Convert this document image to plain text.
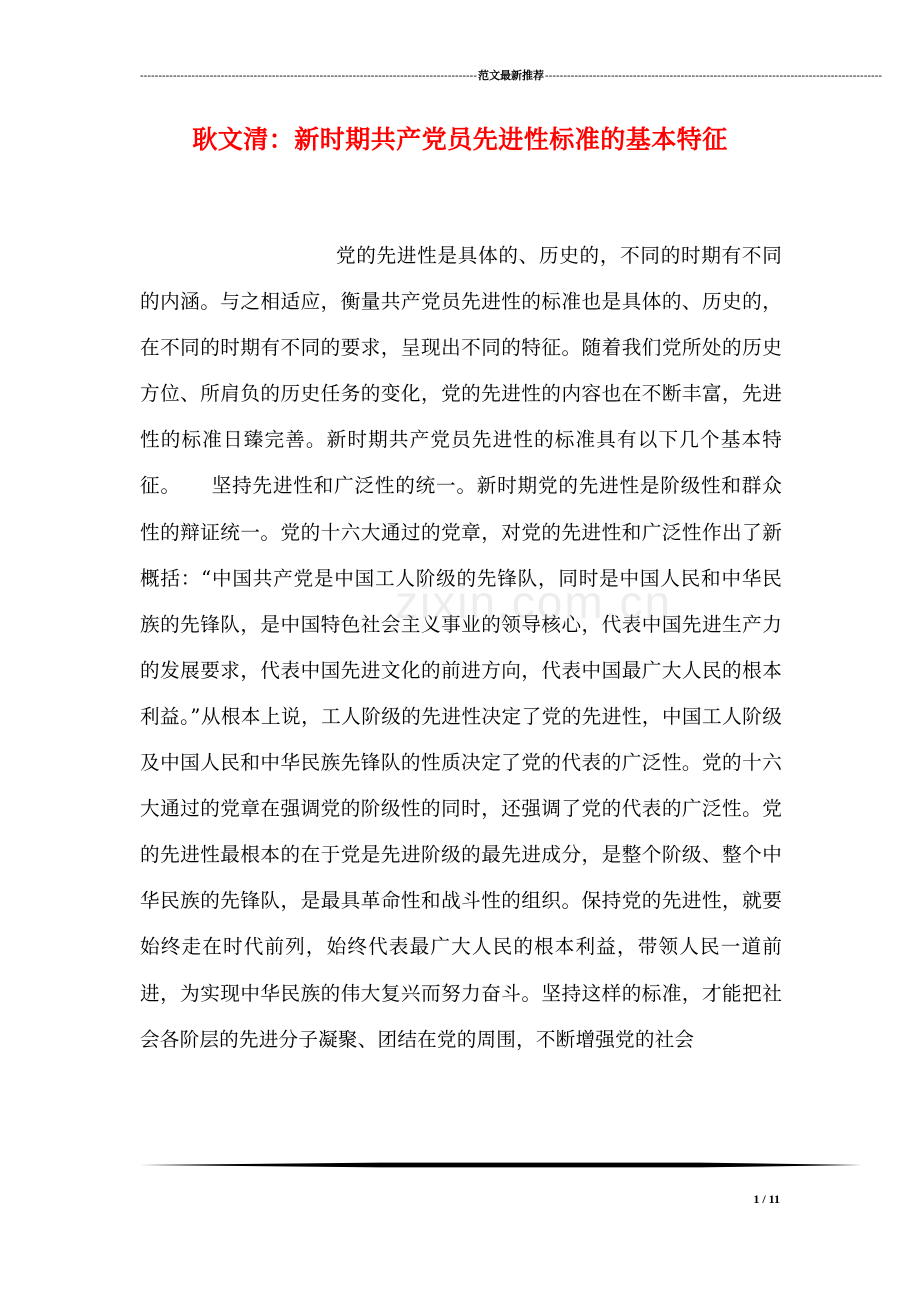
-------------------------------------------------------------------------------------------- 范文最新推荐 --------------------------------------------------------------------------------------------
耿文清：新时期共产党员先进性标准的基本特征
党的先进性是具体的、历史的，不同的时期有不同的内涵。与之相适应，衡量共产党员先进性的标准也是具体的、历史的，在不同的时期有不同的要求，呈现出不同的特征。随着我们党所处的历史方位、所肩负的历史任务的变化，党的先进性的内容也在不断丰富，先进性的标准日臻完善。新时期共产党员先进性的标准具有以下几个基本特征。　　坚持先进性和广泛性的统一。新时期党的先进性是阶级性和群众性的辩证统一。党的十六大通过的党章，对党的先进性和广泛性作出了新概括：“中国共产党是中国工人阶级的先锋队，同时是中国人民和中华民族的先锋队，是中国特色社会主义事业的领导核心，代表中国先进生产力的发展要求，代表中国先进文化的前进方向，代表中国最广大人民的根本利益。”从根本上说，工人阶级的先进性决定了党的先进性，中国工人阶级及中国人民和中华民族先锋队的性质决定了党的代表的广泛性。党的十六大通过的党章在强调党的阶级性的同时，还强调了党的代表的广泛性。党的先进性最根本的在于党是先进阶级的最先进成分，是整个阶级、整个中华民族的先锋队，是最具革命性和战斗性的组织。保持党的先进性，就要始终走在时代前列，始终代表最广大人民的根本利益，带领人民一道前进，为实现中华民族的伟大复兴而努力奋斗。坚持这样的标准，才能把社会各阶层的先进分子凝聚、团结在党的周围，不断增强党的社会
zixin.com.cn
1 / 11
